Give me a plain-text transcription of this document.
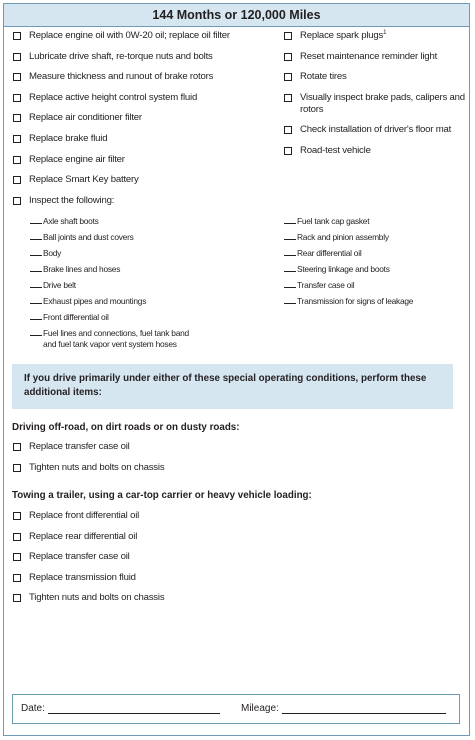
144 Months or 120,000 Miles
Replace engine oil with 0W-20 oil; replace oil filter
Lubricate drive shaft, re-torque nuts and bolts
Measure thickness and runout of brake rotors
Replace active height control system fluid
Replace air conditioner filter
Replace brake fluid
Replace engine air filter
Replace Smart Key battery
Inspect the following:
Replace spark plugs$^1$
Reset maintenance reminder light
Rotate tires
Visually inspect brake pads, calipers and rotors
Check installation of driver's floor mat
Road-test vehicle
Axle shaft boots
Ball joints and dust covers
Body
Brake lines and hoses
Drive belt
Exhaust pipes and mountings
Front differential oil
Fuel lines and connections, fuel tank band and fuel tank vapor vent system hoses
Fuel tank cap gasket
Rack and pinion assembly
Rear differential oil
Steering linkage and boots
Transfer case oil
Transmission for signs of leakage
If you drive primarily under either of these special operating conditions, perform these additional items:
Driving off-road, on dirt roads or on dusty roads:
Replace transfer case oil
Tighten nuts and bolts on chassis
Towing a trailer, using a car-top carrier or heavy vehicle loading:
Replace front differential oil
Replace rear differential oil
Replace transfer case oil
Replace transmission fluid
Tighten nuts and bolts on chassis
Date:	Mileage:
